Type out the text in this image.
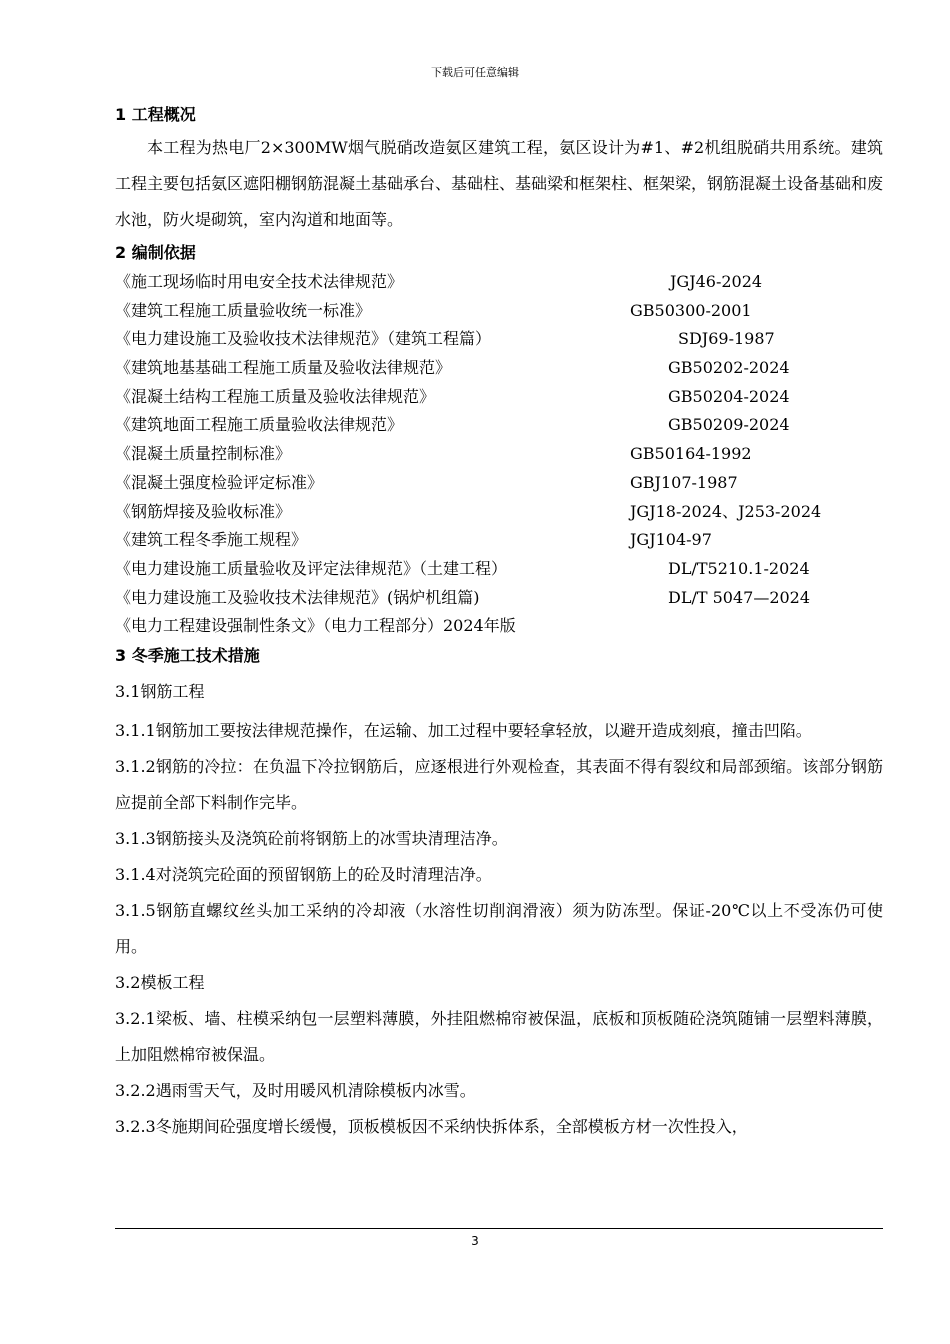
下载后可任意编辑
1 工程概况
本工程为热电厂2×300MW烟气脱硝改造氨区建筑工程，氨区设计为#1、#2机组脱硝共用系统。建筑工程主要包括氨区遮阳棚钢筋混凝土基础承台、基础柱、基础梁和框架柱、框架梁，钢筋混凝土设备基础和废水池，防火堤砌筑，室内沟道和地面等。
2 编制依据
《施工现场临时用电安全技术法律规范》	JGJ46-2024
《建筑工程施工质量验收统一标准》	GB50300-2001
《电力建设施工及验收技术法律规范》（建筑工程篇）	SDJ69-1987
《建筑地基基础工程施工质量及验收法律规范》	GB50202-2024
《混凝土结构工程施工质量及验收法律规范》	GB50204-2024
《建筑地面工程施工质量验收法律规范》	GB50209-2024
《混凝土质量控制标准》	GB50164-1992
《混凝土强度检验评定标准》	GBJ107-1987
《钢筋焊接及验收标准》	JGJ18-2024、J253-2024
《建筑工程冬季施工规程》	JGJ104-97
《电力建设施工质量验收及评定法律规范》（土建工程）	DL/T5210.1-2024
《电力建设施工及验收技术法律规范》(锅炉机组篇)	DL/T 5047—2024
《电力工程建设强制性条文》（电力工程部分）2024年版
3 冬季施工技术措施
3.1钢筋工程
3.1.1钢筋加工要按法律规范操作，在运输、加工过程中要轻拿轻放，以避开造成刻痕，撞击凹陷。
3.1.2钢筋的冷拉：在负温下冷拉钢筋后，应逐根进行外观检查，其表面不得有裂纹和局部颈缩。该部分钢筋应提前全部下料制作完毕。
3.1.3钢筋接头及浇筑砼前将钢筋上的冰雪块清理洁净。
3.1.4对浇筑完砼面的预留钢筋上的砼及时清理洁净。
3.1.5钢筋直螺纹丝头加工采纳的冷却液（水溶性切削润滑液）须为防冻型。保证-20℃以上不受冻仍可使用。
3.2模板工程
3.2.1梁板、墙、柱模采纳包一层塑料薄膜，外挂阻燃棉帘被保温，底板和顶板随砼浇筑随铺一层塑料薄膜，上加阻燃棉帘被保温。
3.2.2遇雨雪天气，及时用暖风机清除模板内冰雪。
3.2.3冬施期间砼强度增长缓慢，顶板模板因不采纳快拆体系，全部模板方材一次性投入，
3
